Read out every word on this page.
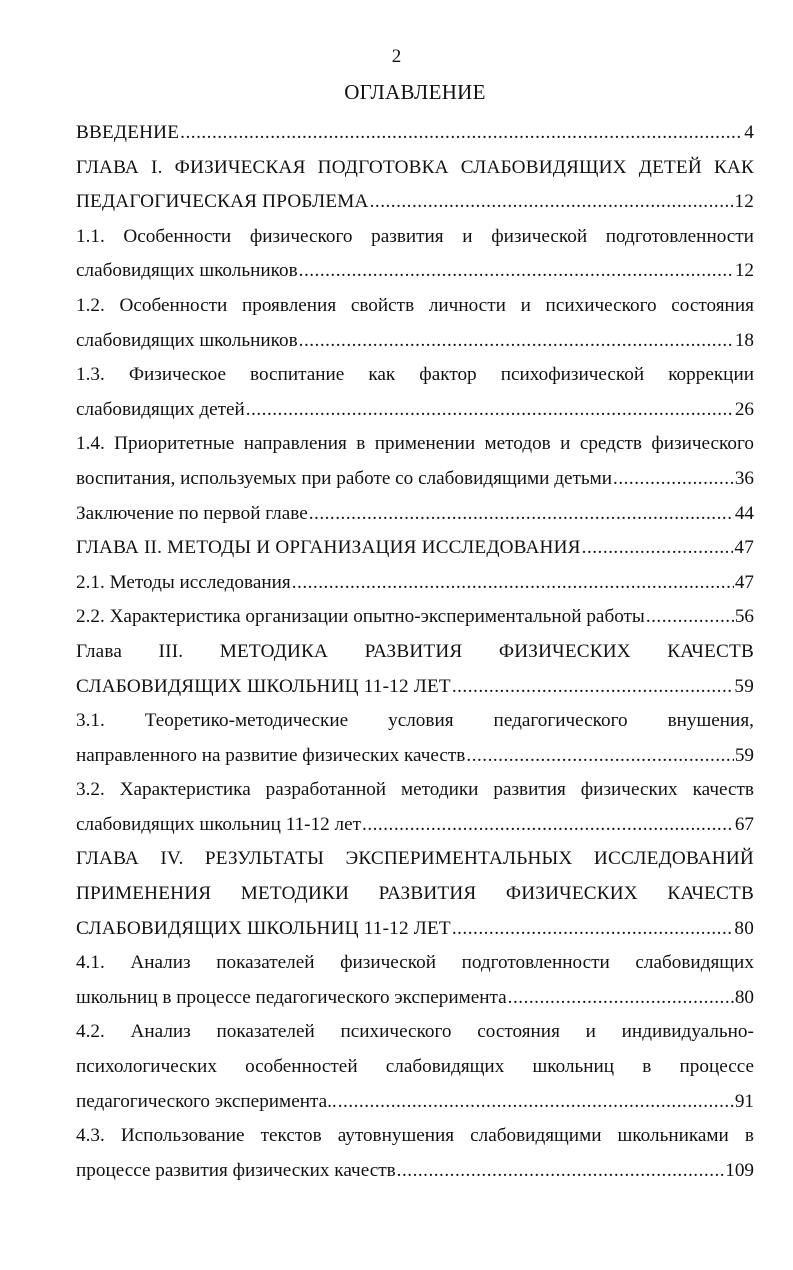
2
ОГЛАВЛЕНИЕ
ВВЕДЕНИЕ .....	4
ГЛАВА I. ФИЗИЧЕСКАЯ ПОДГОТОВКА СЛАБОВИДЯЩИХ ДЕТЕЙ КАК
ПЕДАГОГИЧЕСКАЯ ПРОБЛЕМА .....	12
1.1. Особенности физического развития и физической подготовленности
слабовидящих школьников .....	12
1.2. Особенности проявления свойств личности и психического состояния
слабовидящих школьников .....	18
1.3. Физическое воспитание как фактор психофизической коррекции
слабовидящих детей .....	26
1.4. Приоритетные направления в применении методов и средств физического
воспитания, используемых при работе со слабовидящими детьми .....	36
Заключение по первой главе .....	44
ГЛАВА II. МЕТОДЫ И ОРГАНИЗАЦИЯ ИССЛЕДОВАНИЯ .....	47
2.1. Методы исследования .....	47
2.2. Характеристика организации опытно-экспериментальной работы .....	56
Глава III. МЕТОДИКА РАЗВИТИЯ ФИЗИЧЕСКИХ КАЧЕСТВ
СЛАБОВИДЯЩИХ ШКОЛЬНИЦ 11-12 ЛЕТ .....	59
3.1. Теоретико-методические условия педагогического внушения,
направленного на развитие физических качеств .....	59
3.2. Характеристика разработанной методики развития физических качеств
слабовидящих школьниц 11-12 лет .....	67
ГЛАВА IV. РЕЗУЛЬТАТЫ ЭКСПЕРИМЕНТАЛЬНЫХ ИССЛЕДОВАНИЙ
ПРИМЕНЕНИЯ МЕТОДИКИ РАЗВИТИЯ ФИЗИЧЕСКИХ КАЧЕСТВ
СЛАБОВИДЯЩИХ ШКОЛЬНИЦ 11-12 ЛЕТ .....	80
4.1. Анализ показателей физической подготовленности слабовидящих
школьниц в процессе педагогического эксперимента .....	80
4.2. Анализ показателей психического состояния и индивидуально-
психологических особенностей слабовидящих школьниц в процессе
педагогического эксперимента.. .....	91
4.3. Использование текстов аутовнушения слабовидящими школьниками в
процессе развития физических качеств .....	109
